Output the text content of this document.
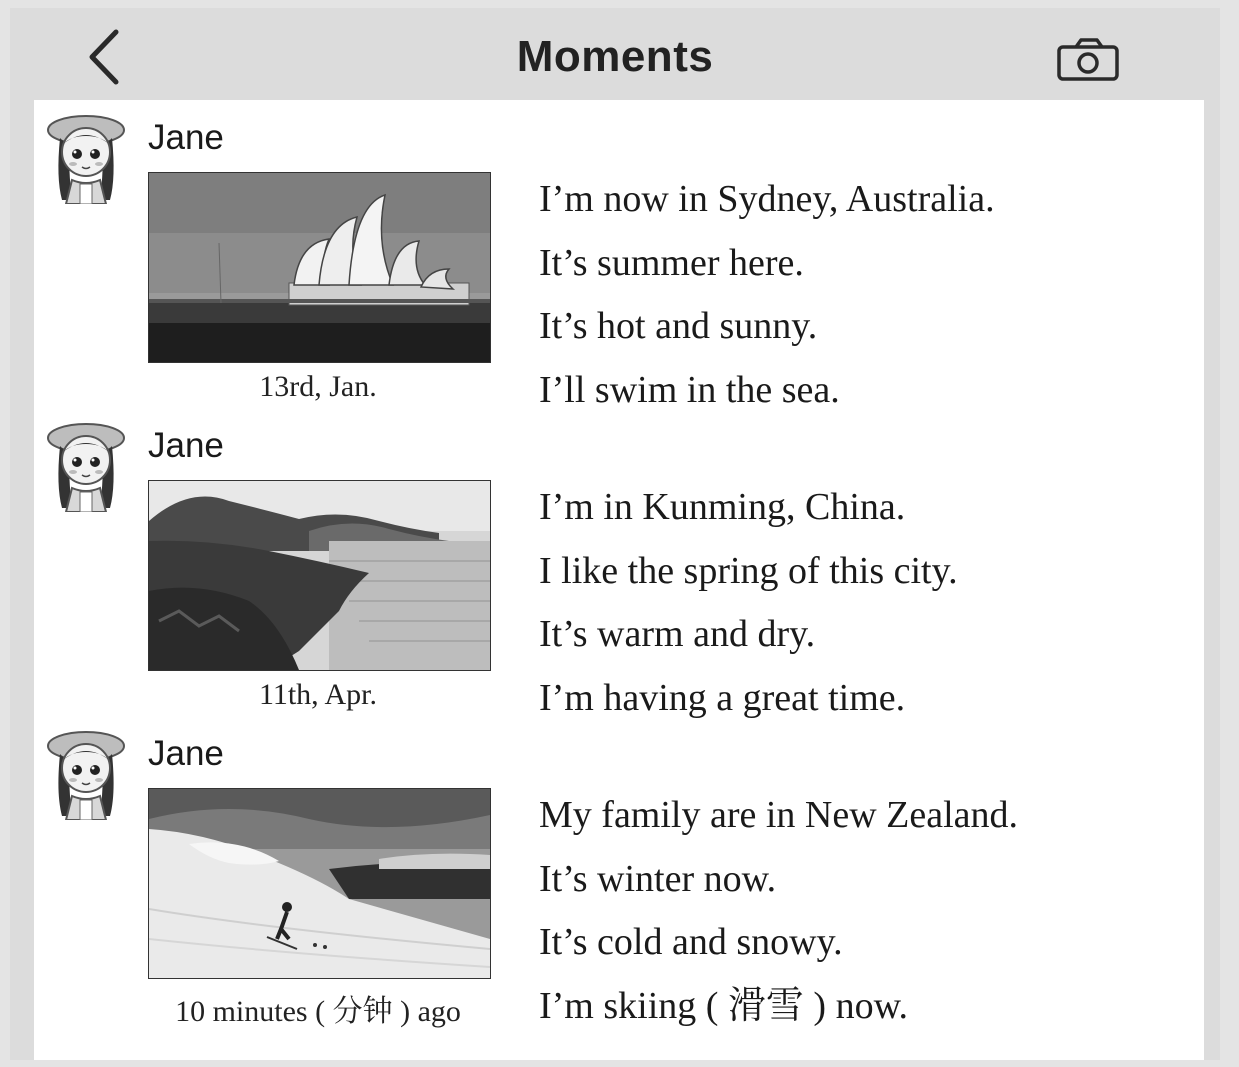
Moments
Jane
13rd, Jan.
I’m now in Sydney, Australia.
It’s summer here.
It’s hot and sunny.
I’ll swim in the sea.
Jane
11th, Apr.
I’m in Kunming, China.
I like the spring of this city.
It’s warm and dry.
I’m having a great time.
Jane
10 minutes ( 分钟 ) ago
My family are in New Zealand.
It’s winter now.
It’s cold and snowy.
I’m skiing ( 滑雪 ) now.
